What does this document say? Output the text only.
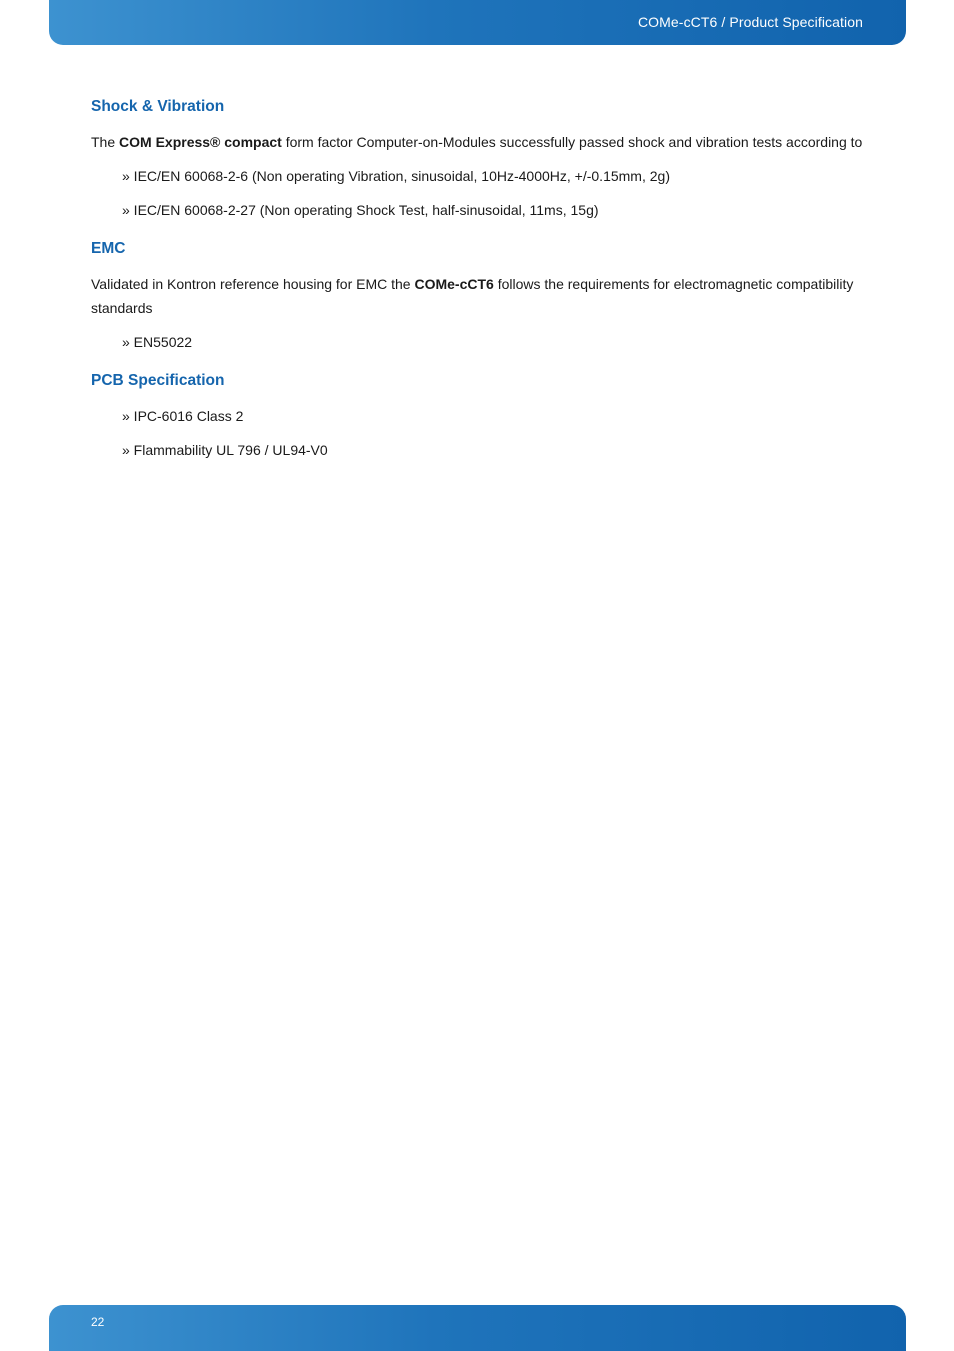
COMe-cCT6 / Product Specification
Shock & Vibration

The COM Express® compact form factor Computer-on-Modules successfully passed shock and vibration tests according to

» IEC/EN 60068-2-6 (Non operating Vibration, sinusoidal, 10Hz-4000Hz, +/-0.15mm, 2g)

» IEC/EN 60068-2-27 (Non operating Shock Test, half-sinusoidal, 11ms, 15g)

EMC

Validated in Kontron reference housing for EMC the COMe-cCT6 follows the requirements for electromagnetic compatibility standards

» EN55022

PCB Specification

» IPC-6016 Class 2

» Flammability UL 796 / UL94-V0

22
